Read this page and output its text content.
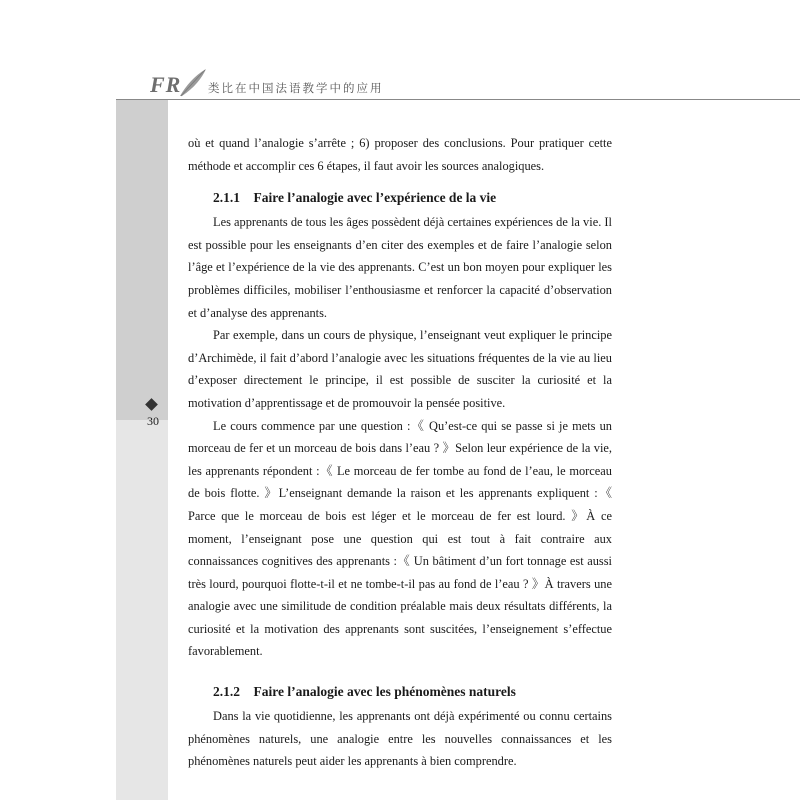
FR 类比在中国法语教学中的应用
30

où et quand l’analogie s’arrête ; 6) proposer des conclusions. Pour pratiquer cette méthode et accomplir ces 6 étapes, il faut avoir les sources analogiques.

2.1.1　Faire l’analogie avec l’expérience de la vie

Les apprenants de tous les âges possèdent déjà certaines expériences de la vie. Il est possible pour les enseignants d’en citer des exemples et de faire l’analogie selon l’âge et l’expérience de la vie des apprenants. C’est un bon moyen pour expliquer les problèmes difficiles, mobiliser l’enthousiasme et renforcer la capacité d’observation et d’analyse des apprenants.

Par exemple, dans un cours de physique, l’enseignant veut expliquer le principe d’Archimède, il fait d’abord l’analogie avec les situations fréquentes de la vie au lieu d’exposer directement le principe, il est possible de susciter la curiosité et la motivation d’apprentissage et de promouvoir la pensée positive.

Le cours commence par une question :《 Qu’est-ce qui se passe si je mets un morceau de fer et un morceau de bois dans l’eau ? 》Selon leur expérience de la vie, les apprenants répondent :《 Le morceau de fer tombe au fond de l’eau, le morceau de bois flotte. 》L’enseignant demande la raison et les apprenants expliquent :《 Parce que le morceau de bois est léger et le morceau de fer est lourd. 》À ce moment, l’enseignant pose une question qui est tout à fait contraire aux connaissances cognitives des apprenants :《 Un bâtiment d’un fort tonnage est aussi très lourd, pourquoi flotte-t-il et ne tombe-t-il pas au fond de l’eau ? 》À travers une analogie avec une similitude de condition préalable mais deux résultats différents, la curiosité et la motivation des apprenants sont suscitées, l’enseignement s’effectue favorablement.

2.1.2　Faire l’analogie avec les phénomènes naturels

Dans la vie quotidienne, les apprenants ont déjà expérimenté ou connu certains phénomènes naturels, une analogie entre les nouvelles connaissances et les phénomènes naturels peut aider les apprenants à bien comprendre.
